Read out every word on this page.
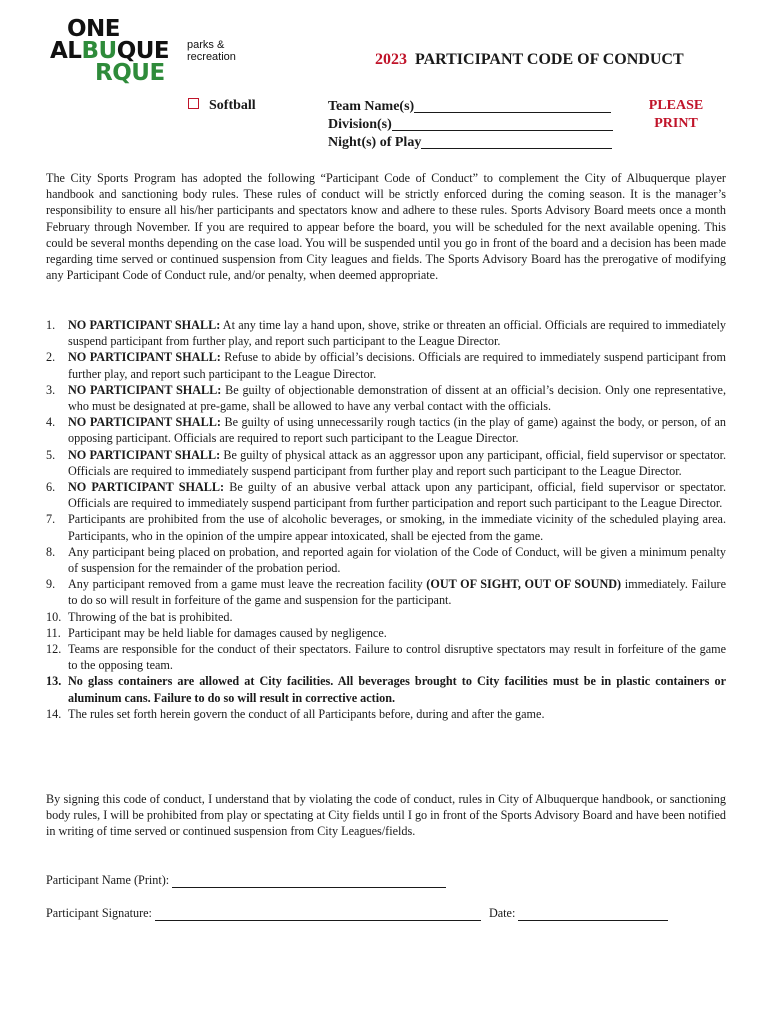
ONE
ALBUQUE
RQUE
parks &
recreation	2023 PARTICIPANT CODE OF CONDUCT
Softball	Team Name(s)
Division(s)
Night(s) of Play
PLEASE
PRINT

The City Sports Program has adopted the following “Participant Code of Conduct” to complement the City of Albuquerque player handbook and sanctioning body rules. These rules of conduct will be strictly enforced during the coming season. It is the manager’s responsibility to ensure all his/her participants and spectators know and adhere to these rules. Sports Advisory Board meets once a month February through November. If you are required to appear before the board, you will be scheduled for the next available opening. This could be several months depending on the case load. You will be suspended until you go in front of the board and a decision has been made regarding time served or continued suspension from City leagues and fields. The Sports Advisory Board has the prerogative of modifying any Participant Code of Conduct rule, and/or penalty, when deemed appropriate.

1.	NO PARTICIPANT SHALL: At any time lay a hand upon, shove, strike or threaten an official. Officials are required to immediately suspend participant from further play, and report such participant to the League Director.
2.	NO PARTICIPANT SHALL: Refuse to abide by official’s decisions. Officials are required to immediately suspend participant from further play, and report such participant to the League Director.
3.	NO PARTICIPANT SHALL: Be guilty of objectionable demonstration of dissent at an official’s decision. Only one representative, who must be designated at pre-game, shall be allowed to have any verbal contact with the officials.
4.	NO PARTICIPANT SHALL: Be guilty of using unnecessarily rough tactics (in the play of game) against the body, or person, of an opposing participant. Officials are required to report such participant to the League Director.
5.	NO PARTICIPANT SHALL: Be guilty of physical attack as an aggressor upon any participant, official, field supervisor or spectator. Officials are required to immediately suspend participant from further play and report such participant to the League Director.
6.	NO PARTICIPANT SHALL: Be guilty of an abusive verbal attack upon any participant, official, field supervisor or spectator. Officials are required to immediately suspend participant from further participation and report such participant to the League Director.
7.	Participants are prohibited from the use of alcoholic beverages, or smoking, in the immediate vicinity of the scheduled playing area. Participants, who in the opinion of the umpire appear intoxicated, shall be ejected from the game.
8.	Any participant being placed on probation, and reported again for violation of the Code of Conduct, will be given a minimum penalty of suspension for the remainder of the probation period.
9.	Any participant removed from a game must leave the recreation facility (OUT OF SIGHT, OUT OF SOUND) immediately. Failure to do so will result in forfeiture of the game and suspension for the participant.
10. Throwing of the bat is prohibited.
11. Participant may be held liable for damages caused by negligence.
12. Teams are responsible for the conduct of their spectators. Failure to control disruptive spectators may result in forfeiture of the game to the opposing team.
13. No glass containers are allowed at City facilities. All beverages brought to City facilities must be in plastic containers or aluminum cans. Failure to do so will result in corrective action.
14. The rules set forth herein govern the conduct of all Participants before, during and after the game.

By signing this code of conduct, I understand that by violating the code of conduct, rules in City of Albuquerque handbook, or sanctioning body rules, I will be prohibited from play or spectating at City fields until I go in front of the Sports Advisory Board and have been notified in writing of time served or continued suspension from City Leagues/fields.

Participant Name (Print):
Participant Signature:	Date:
